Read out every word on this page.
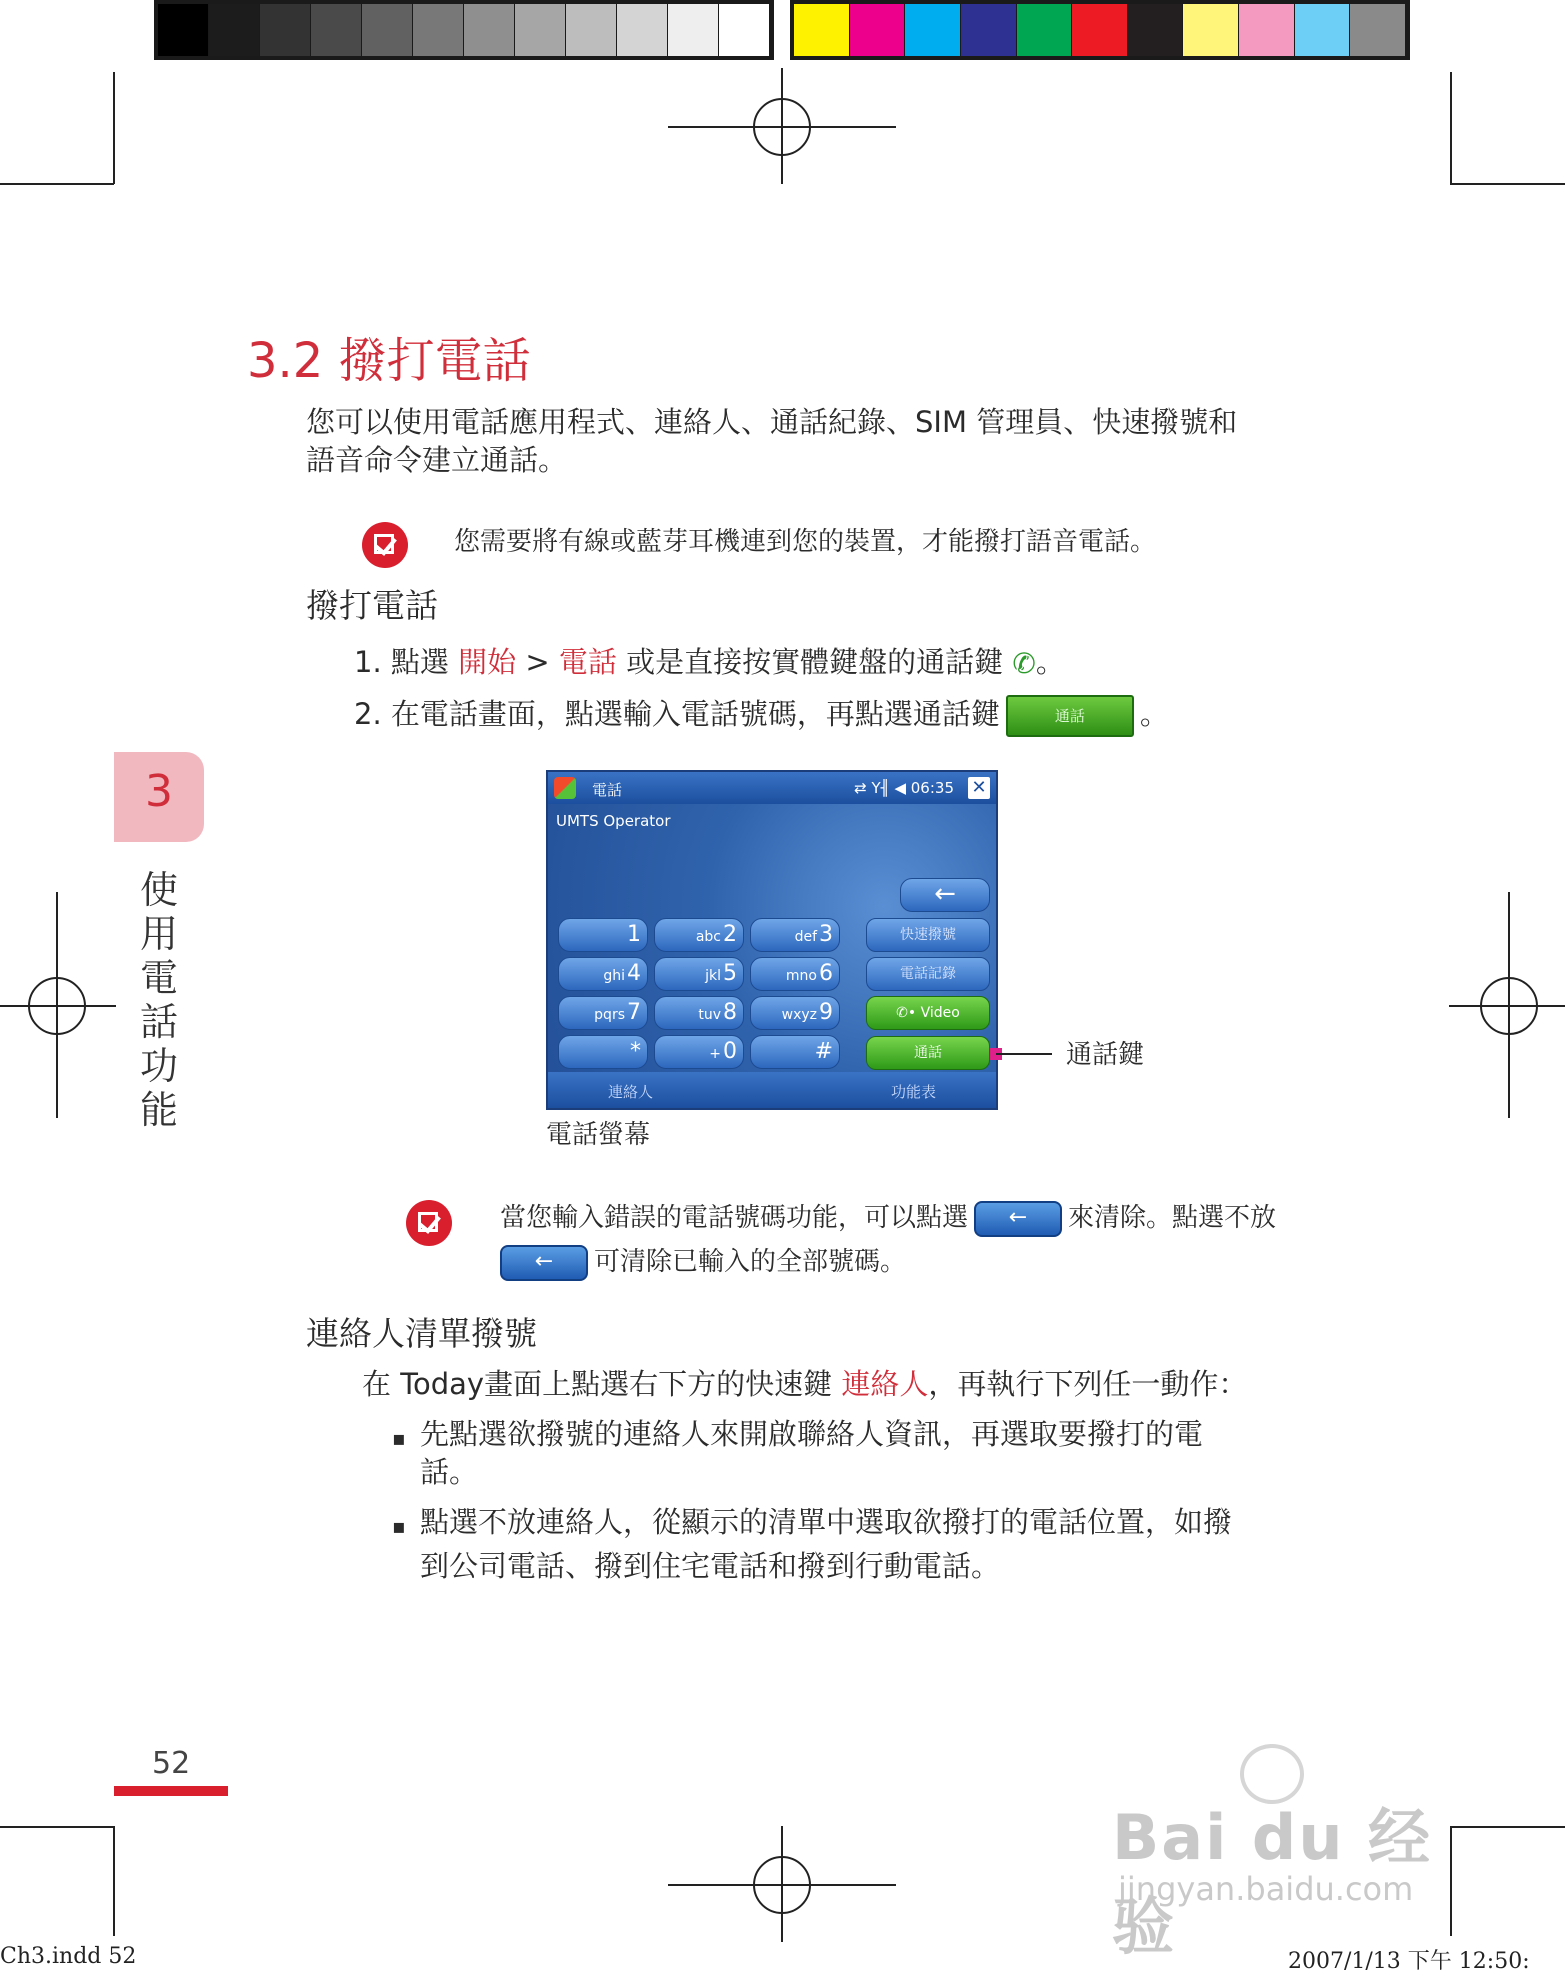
3.2 撥打電話
您可以使用電話應用程式、連絡人、通話紀錄、SIM 管理員、快速撥號和
語音命令建立通話。
您需要將有線或藍芽耳機連到您的裝置，才能撥打語音電話。
撥打電話
1. 點選 開始 > 電話 或是直接按實體鍵盤的通話鍵 ✆。
2. 在電話畫面，點選輸入電話號碼，再點選通話鍵	通話 。
3
使用電話功能
電話	⇄ Y╢ ◀ 06:35 ✕
UMTS Operator
←
1	abc2	def3
ghi4	jkl5	mno6
pqrs7	tuv8	wxyz9
*	+0	#
快速撥號
電話記錄
✆• Video
通話
連絡人	功能表
通話鍵
電話螢幕
當您輸入錯誤的電話號碼功能，可以點選 ← 來清除。點選不放
← 可清除已輸入的全部號碼。
連絡人清單撥號
在 Today畫面上點選右下方的快速鍵 連絡人，再執行下列任一動作：
▪ 先點選欲撥號的連絡人來開啟聯絡人資訊，再選取要撥打的電
話。
▪ 點選不放連絡人，從顯示的清單中選取欲撥打的電話位置，如撥
到公司電話、撥到住宅電話和撥到行動電話。
52
Bai du 经验
jingyan.baidu.com
Ch3.indd 52	2007/1/13 下午 12:50:
